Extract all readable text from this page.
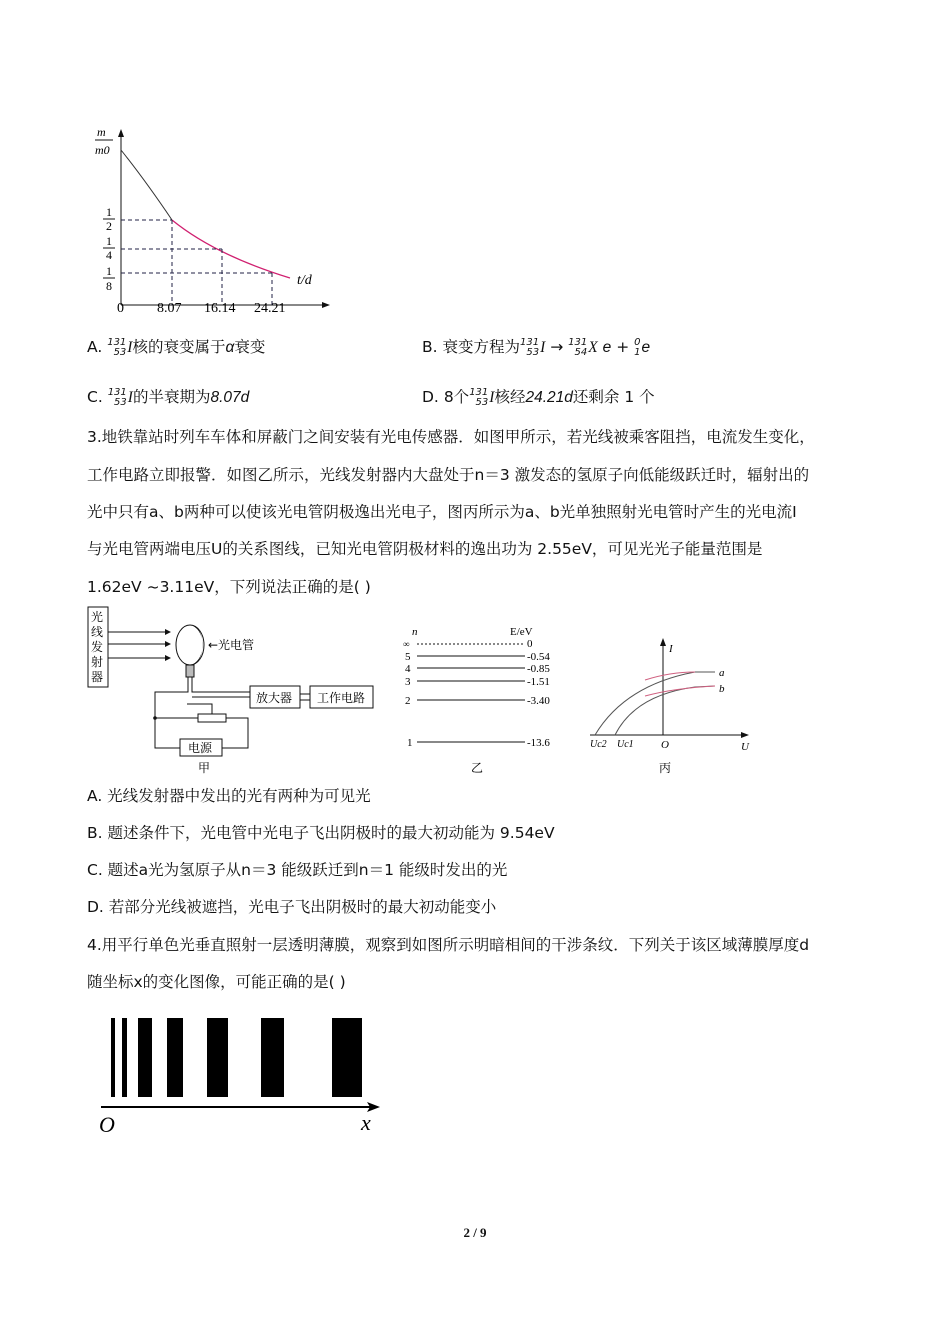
m
m0
1
2
1
4
1
8
0 8.07 16.14 24.21
t/d
A. 131
53 I核的衰变属于α衰变	B. 衰变方程为 131
53 I → 131
54 X e + 0
1 e
C. 131
53 I的半衰期为8.07d	D. 8个 131
53 I核经24.21d还剩余 1 个
3.地铁靠站时列车车体和屏蔽门之间安装有光电传感器．如图甲所示，若光线被乘客阻挡，电流发生变化，
工作电路立即报警．如图乙所示，光线发射器内大盘处于n＝3 激发态的氢原子向低能级跃迁时，辐射出的
光中只有a、b两种可以使该光电管阴极逸出光电子，图丙所示为a、b光单独照射光电管时产生的光电流I
与光电管两端电压U的关系图线，已知光电管阴极材料的逸出功为 2.55eV，可见光光子能量范围是
1.62eV ~3.11eV，下列说法正确的是( )
光
线
发
射
器
←光电管
放大器 工作电路
电源
甲
n	E/eV
∞	0
5	-0.54
4	-0.85
3	-1.51
2	-3.40
1	-13.6
乙
I
U
a
b
Uc2 Uc1 O
丙
A. 光线发射器中发出的光有两种为可见光
B. 题述条件下，光电管中光电子飞出阴极时的最大初动能为 9.54eV
C. 题述a光为氢原子从n＝3 能级跃迁到n＝1 能级时发出的光
D. 若部分光线被遮挡，光电子飞出阴极时的最大初动能变小
4.用平行单色光垂直照射一层透明薄膜，观察到如图所示明暗相间的干涉条纹．下列关于该区域薄膜厚度d
随坐标x的变化图像，可能正确的是( )
O	x
2 / 9
